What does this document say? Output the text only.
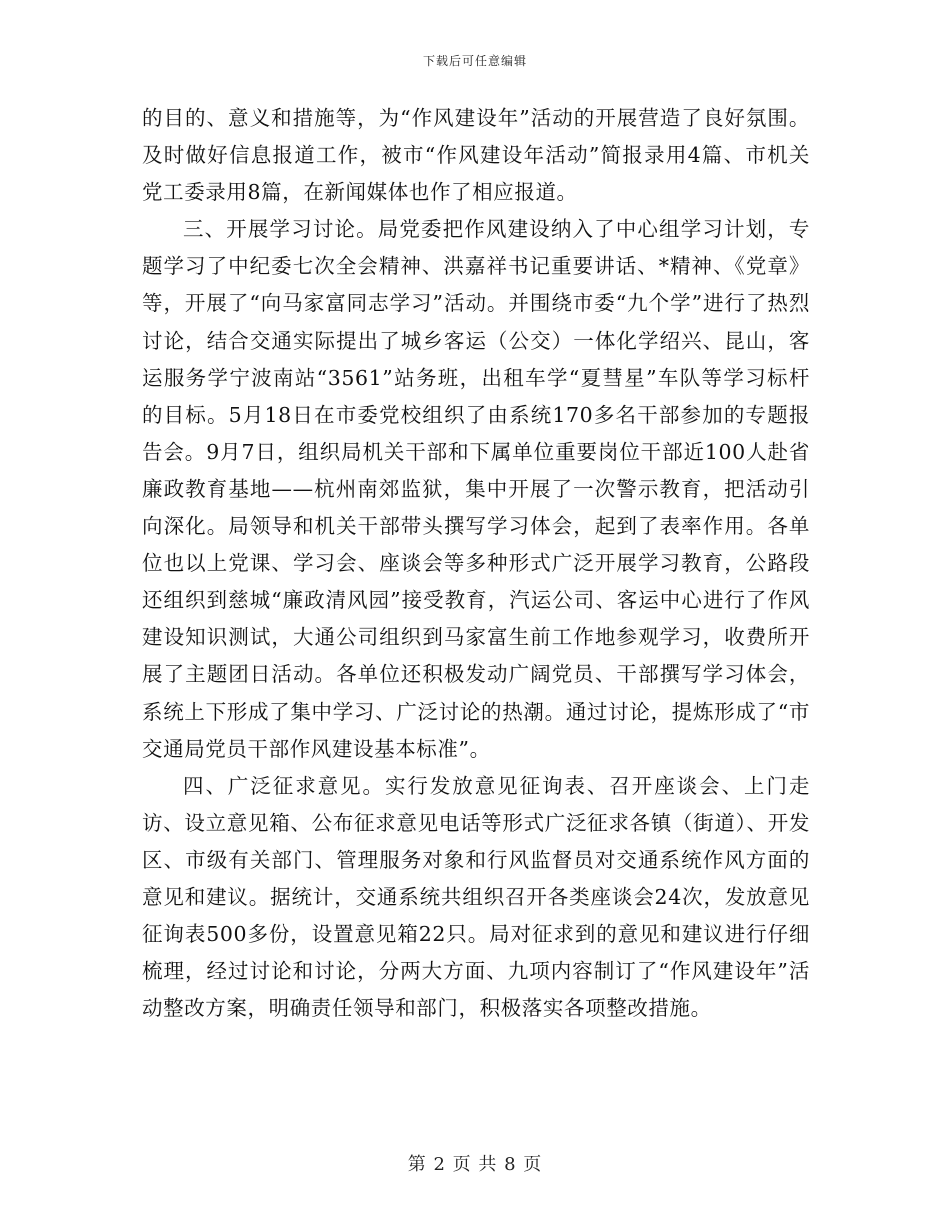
下载后可任意编辑

的目的、意义和措施等，为“作风建设年”活动的开展营造了良好氛围。及时做好信息报道工作，被市“作风建设年活动”简报录用4篇、市机关党工委录用8篇，在新闻媒体也作了相应报道。

三、开展学习讨论。局党委把作风建设纳入了中心组学习计划，专题学习了中纪委七次全会精神、洪嘉祥书记重要讲话、*精神、《党章》等，开展了“向马家富同志学习”活动。并围绕市委“九个学”进行了热烈讨论，结合交通实际提出了城乡客运（公交）一体化学绍兴、昆山，客运服务学宁波南站“3561”站务班，出租车学“夏彗星”车队等学习标杆的目标。5月18日在市委党校组织了由系统170多名干部参加的专题报告会。9月7日，组织局机关干部和下属单位重要岗位干部近100人赴省廉政教育基地——杭州南郊监狱，集中开展了一次警示教育，把活动引向深化。局领导和机关干部带头撰写学习体会，起到了表率作用。各单位也以上党课、学习会、座谈会等多种形式广泛开展学习教育，公路段还组织到慈城“廉政清风园”接受教育，汽运公司、客运中心进行了作风建设知识测试，大通公司组织到马家富生前工作地参观学习，收费所开展了主题团日活动。各单位还积极发动广阔党员、干部撰写学习体会，系统上下形成了集中学习、广泛讨论的热潮。通过讨论，提炼形成了“市交通局党员干部作风建设基本标准”。

四、广泛征求意见。实行发放意见征询表、召开座谈会、上门走访、设立意见箱、公布征求意见电话等形式广泛征求各镇（街道）、开发区、市级有关部门、管理服务对象和行风监督员对交通系统作风方面的意见和建议。据统计，交通系统共组织召开各类座谈会24次，发放意见征询表500多份，设置意见箱22只。局对征求到的意见和建议进行仔细梳理，经过讨论和讨论，分两大方面、九项内容制订了“作风建设年”活动整改方案，明确责任领导和部门，积极落实各项整改措施。

第 2 页 共 8 页
